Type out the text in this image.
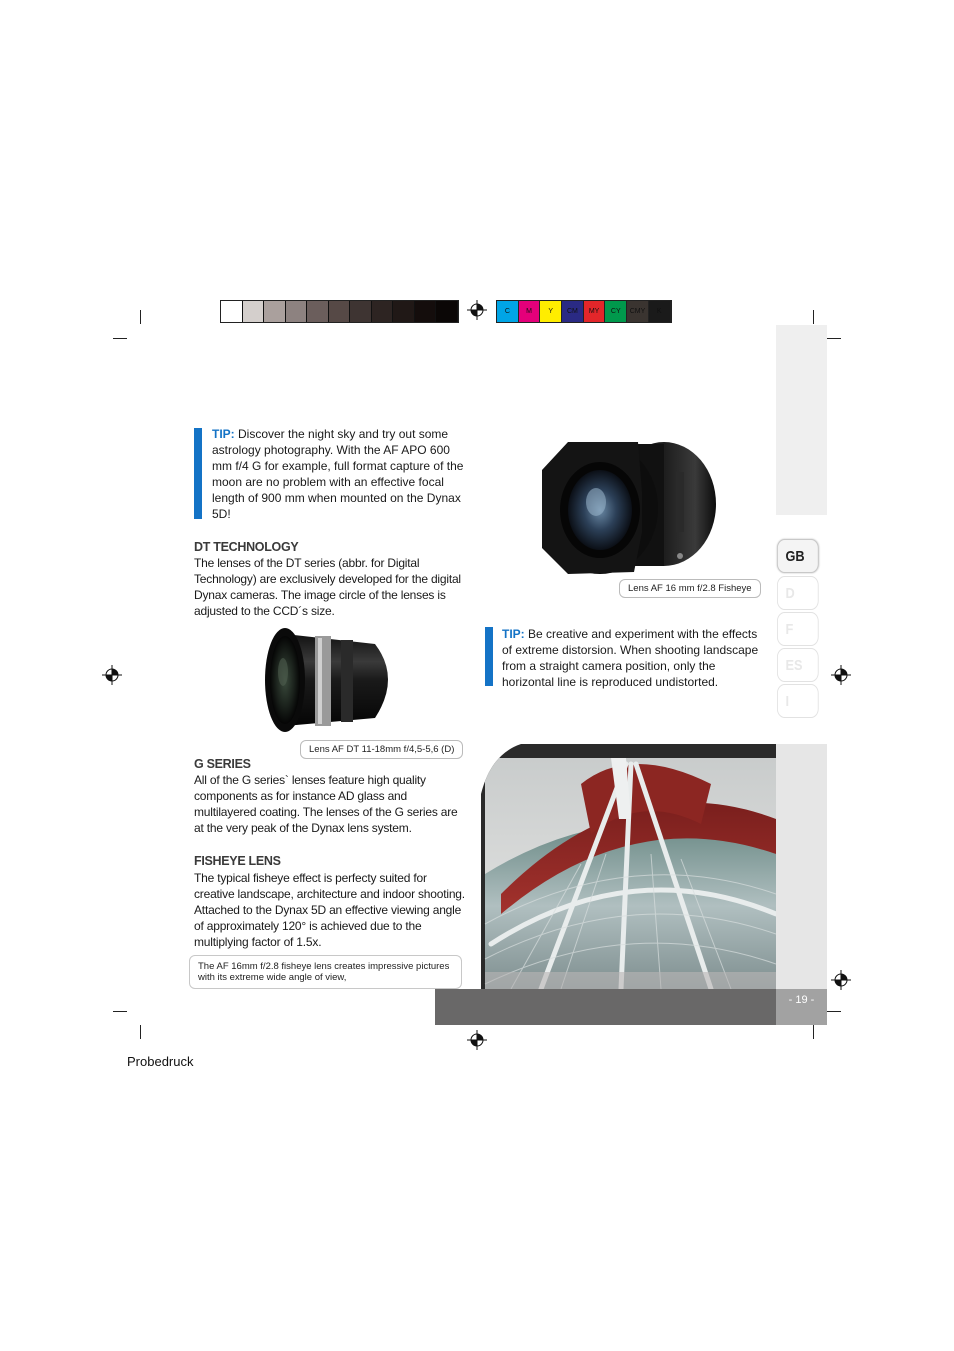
C	M	Y	CM	MY	CY	CMY	K
GB
D
F
ES
I
TIP: Discover the night sky and try out some astrology photography. With the AF APO 600 mm f/4 G for example, full format capture of the moon are no problem with an effective focal length of 900 mm when mounted on the Dynax 5D!
DT TECHNOLOGY
The lenses of the DT series (abbr. for Digital Technology) are exclusively developed for the digital Dynax cameras. The image circle of the lenses is adjusted to the CCD´s size.
Lens AF DT 11-18mm f/4,5-5,6 (D)
G SERIES
All of the G series` lenses feature high quality components as for instance AD glass and multilayered coating. The lenses of the G series are at the very peak of the Dynax lens system.
FISHEYE LENS
The typical fisheye effect is perfecty suited for creative landscape, architecture and indoor shooting. Attached to the Dynax 5D an effective viewing angle of approximately 120° is achieved due to the multiplying factor of 1.5x.
The AF 16mm f/2.8 fisheye lens creates impressive pictures with its extreme wide angle of view,
Lens AF 16 mm f/2.8 Fisheye
TIP: Be creative and experiment with the effects of extreme distorsion. When shooting landscape from a straight camera position, only the horizontal line is reproduced undistorted.
- 19 -
Probedruck
